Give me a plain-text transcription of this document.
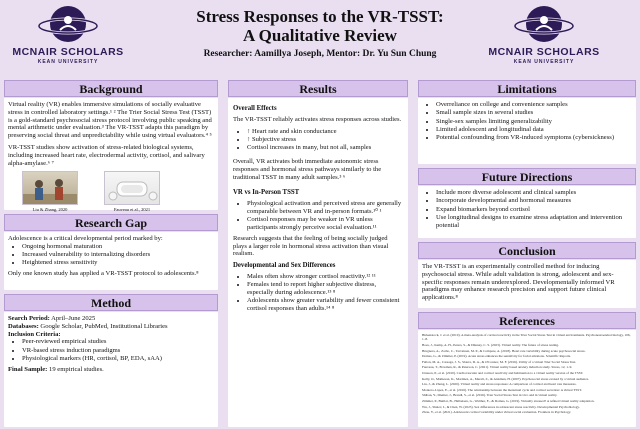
MCNAIR SCHOLARS
KEAN UNIVERSITY
Stress Responses to the VR-TSST:
A Qualitative Review
Researcher: Aamillya Joseph, Mentor: Dr. Yu Sun Chung	MCNAIR SCHOLARS
KEAN UNIVERSITY
Background

Virtual reality (VR) enables immersive simulations of socially evaluative stress in controlled laboratory settings.¹ ² The Trier Social Stress Test (TSST) is a gold-standard psychosocial stress protocol involving public speaking and mental arithmetic under evaluation.³ The VR-TSST adapts this paradigm by preserving social threat and unpredictability while using virtual evaluators.⁴ ⁵

VR-TSST studies show activation of stress-related biological systems, including increased heart rate, electrodermal activity, cortisol, and salivary alpha-amylase.⁶ ⁷

Liu & Zhang, 2020	Fauveau et al., 2021
Research Gap
Adolescence is a critical developmental period marked by:
• Ongoing hormonal maturation
• Increased vulnerability to internalizing disorders
• Heightened stress sensitivity
Only one known study has applied a VR-TSST protocol to adolescents.⁸
Method
Search Period: April–June 2025
Databases: Google Scholar, PubMed, Institutional Libraries
Inclusion Criteria:
• Peer-reviewed empirical studies
• VR-based stress induction paradigms
• Physiological markers (HR, cortisol, BP, EDA, sAA)
Final Sample: 19 empirical studies.
Results
Overall Effects

The VR-TSST reliably activates stress responses across studies.

• ↑ Heart rate and skin conductance
• ↑ Subjective stress
• Cortisol increases in many, but not all, samples

Overall, VR activates both immediate autonomic stress responses and hormonal stress pathways similarly to the traditional TSST in many adult samples.³ ⁶

VR vs In-Person TSST
• Physiological activation and perceived stress are generally comparable between VR and in-person formats.¹⁰ ¹
• Cortisol responses may be weaker in VR unless participants strongly perceive social evaluation.¹¹

Research suggests that the feeling of being socially judged plays a larger role in hormonal stress activation than visual realism.

Developmental and Sex Differences
• Males often show stronger cortisol reactivity.¹² ¹¹
• Females tend to report higher subjective distress, especially during adolescence.¹³ ⁸
• Adolescents show greater variability and fewer consistent cortisol responses than adults.¹⁴ ⁸
Limitations
• Overreliance on college and convenience samples
• Small sample sizes in several studies
• Single-sex samples limiting generalizability
• Limited adolescent and longitudinal data
• Potential confounding from VR-induced symptoms (cybersickness)
Future Directions
• Include more diverse adolescent and clinical samples
• Incorporate developmental and hormonal measures
• Expand biomarkers beyond cortisol
• Use longitudinal designs to examine stress adaptation and intervention potential
Conclusion

The VR-TSST is an experimentally controlled method for inducing psychosocial stress. While adult validation is strong, adolescent and sex-specific responses remain underexplored. Developmentally informed VR paradigms may enhance research precision and support future clinical applications.⁸

References
Birkenstock, J. et al. (2019). A meta-analysis of cortisol reactivity in the Trier Social Stress Test in virtual environments. Psychoneuroendocrinology, 106, 1–8.
Boes, J., Kemp, A. H., Peters, S., & Dhunay, C. S. (2023). Virtual reality. The future of stress testing.
Brugnera, A., Zarbo, C., Tarvainen, M. P., & Compare, A. (2018). Heart rate variability during acute psychosocial stress.
Domes, G., & Zimmer, P. (2019). Acute stress enhances the sensitivity for facial emotions. Scientific Reports.
Fallon, M. A., Careaga, J. S., Sbarra, D. A., & O'Connor, M. F. (2016). Utility of a virtual Trier Social Stress Test.
Fauveau, T., Bowman, R., & Peterson, C. (2021). Virtual reality based anxiety induction study. Stress, 12, 1–9.
Jönsson, P., et al. (2010). Cardiovascular and cortisol reactivity and habituation to a virtual reality version of the TSST.
Kelly, O., Matheson, K., Martinez, A., Merali, Z., & Anisman, H. (2007). Psychosocial stress evoked by a virtual audience.
Liu, J., & Zhang, L. (2020). Virtual reality and stress responses: A comparison of cortisol and heart rate measures.
Montero-López, E., et al. (2016). The relationship between the menstrual cycle and cortisol secretion: A virtual TSST.
Shiban, Y., Diemer, J., Brandl, S., et al. (2016). Trier Social Stress Test in vivo and in virtual reality.
Zimmer, P., Buttlar, B., Halbeisen, G., Walther, E., & Domes, G. (2019). Virtually stressed? A refined virtual reality adaptation.
Wu, J., Shalev, I., & Chen, W. (2023). Sex differences in adolescent stress reactivity. Developmental Psychobiology.
Zhou, Y., et al. (2021). Adolescent cortisol variability under virtual social evaluation. Frontiers in Psychology.
